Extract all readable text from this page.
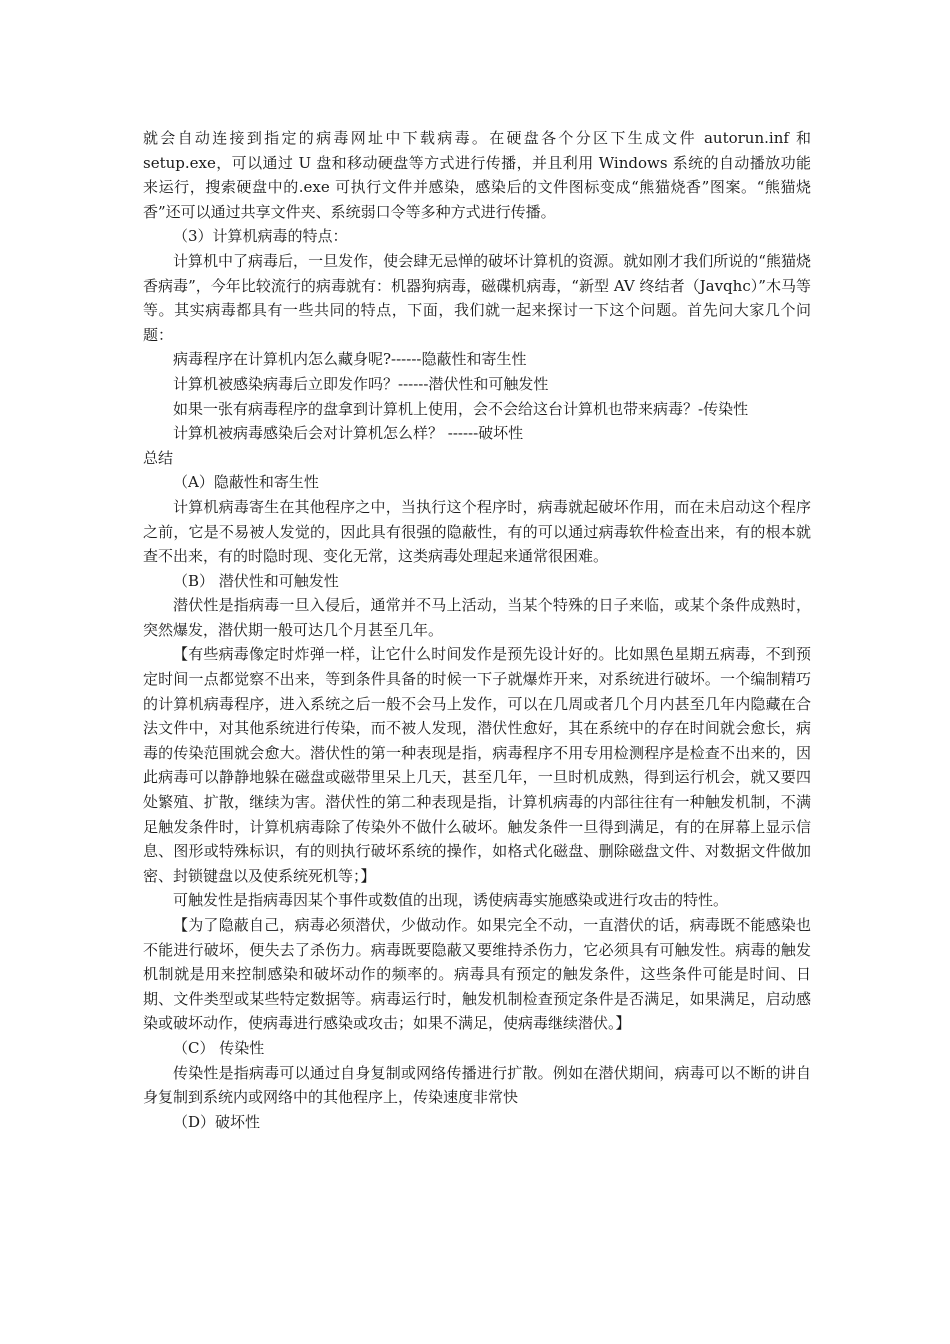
就会自动连接到指定的病毒网址中下载病毒。在硬盘各个分区下生成文件 autorun.inf 和 setup.exe，可以通过 U 盘和移动硬盘等方式进行传播，并且利用 Windows 系统的自动播放功能来运行，搜索硬盘中的.exe 可执行文件并感染，感染后的文件图标变成“熊猫烧香”图案。“熊猫烧香”还可以通过共享文件夹、系统弱口令等多种方式进行传播。

（3）计算机病毒的特点：

计算机中了病毒后，一旦发作，使会肆无忌惮的破坏计算机的资源。就如刚才我们所说的“熊猫烧香病毒”，今年比较流行的病毒就有：机器狗病毒，磁碟机病毒，“新型 AV 终结者（Javqhc）”木马等等。其实病毒都具有一些共同的特点，下面，我们就一起来探讨一下这个问题。首先问大家几个问题：

病毒程序在计算机内怎么藏身呢?------隐蔽性和寄生性

计算机被感染病毒后立即发作吗？------潜伏性和可触发性

如果一张有病毒程序的盘拿到计算机上使用，会不会给这台计算机也带来病毒？-传染性

计算机被病毒感染后会对计算机怎么样？ ------破坏性

总结

（A）隐蔽性和寄生性

计算机病毒寄生在其他程序之中，当执行这个程序时，病毒就起破坏作用，而在未启动这个程序之前，它是不易被人发觉的，因此具有很强的隐蔽性，有的可以通过病毒软件检查出来，有的根本就查不出来，有的时隐时现、变化无常，这类病毒处理起来通常很困难。

（B） 潜伏性和可触发性

潜伏性是指病毒一旦入侵后，通常并不马上活动，当某个特殊的日子来临，或某个条件成熟时，突然爆发，潜伏期一般可达几个月甚至几年。

【有些病毒像定时炸弹一样，让它什么时间发作是预先设计好的。比如黑色星期五病毒，不到预定时间一点都觉察不出来，等到条件具备的时候一下子就爆炸开来，对系统进行破坏。一个编制精巧的计算机病毒程序，进入系统之后一般不会马上发作，可以在几周或者几个月内甚至几年内隐藏在合法文件中，对其他系统进行传染，而不被人发现，潜伏性愈好，其在系统中的存在时间就会愈长，病毒的传染范围就会愈大。潜伏性的第一种表现是指，病毒程序不用专用检测程序是检查不出来的，因此病毒可以静静地躲在磁盘或磁带里呆上几天，甚至几年，一旦时机成熟，得到运行机会，就又要四处繁殖、扩散，继续为害。潜伏性的第二种表现是指，计算机病毒的内部往往有一种触发机制，不满足触发条件时，计算机病毒除了传染外不做什么破坏。触发条件一旦得到满足，有的在屏幕上显示信息、图形或特殊标识，有的则执行破坏系统的操作，如格式化磁盘、删除磁盘文件、对数据文件做加密、封锁键盘以及使系统死机等；】

可触发性是指病毒因某个事件或数值的出现，诱使病毒实施感染或进行攻击的特性。

【为了隐蔽自己，病毒必须潜伏，少做动作。如果完全不动，一直潜伏的话，病毒既不能感染也不能进行破坏，便失去了杀伤力。病毒既要隐蔽又要维持杀伤力，它必须具有可触发性。病毒的触发机制就是用来控制感染和破坏动作的频率的。病毒具有预定的触发条件，这些条件可能是时间、日期、文件类型或某些特定数据等。病毒运行时，触发机制检查预定条件是否满足，如果满足，启动感染或破坏动作，使病毒进行感染或攻击；如果不满足，使病毒继续潜伏。】

（C） 传染性

传染性是指病毒可以通过自身复制或网络传播进行扩散。例如在潜伏期间，病毒可以不断的讲自身复制到系统内或网络中的其他程序上，传染速度非常快

（D）破坏性
